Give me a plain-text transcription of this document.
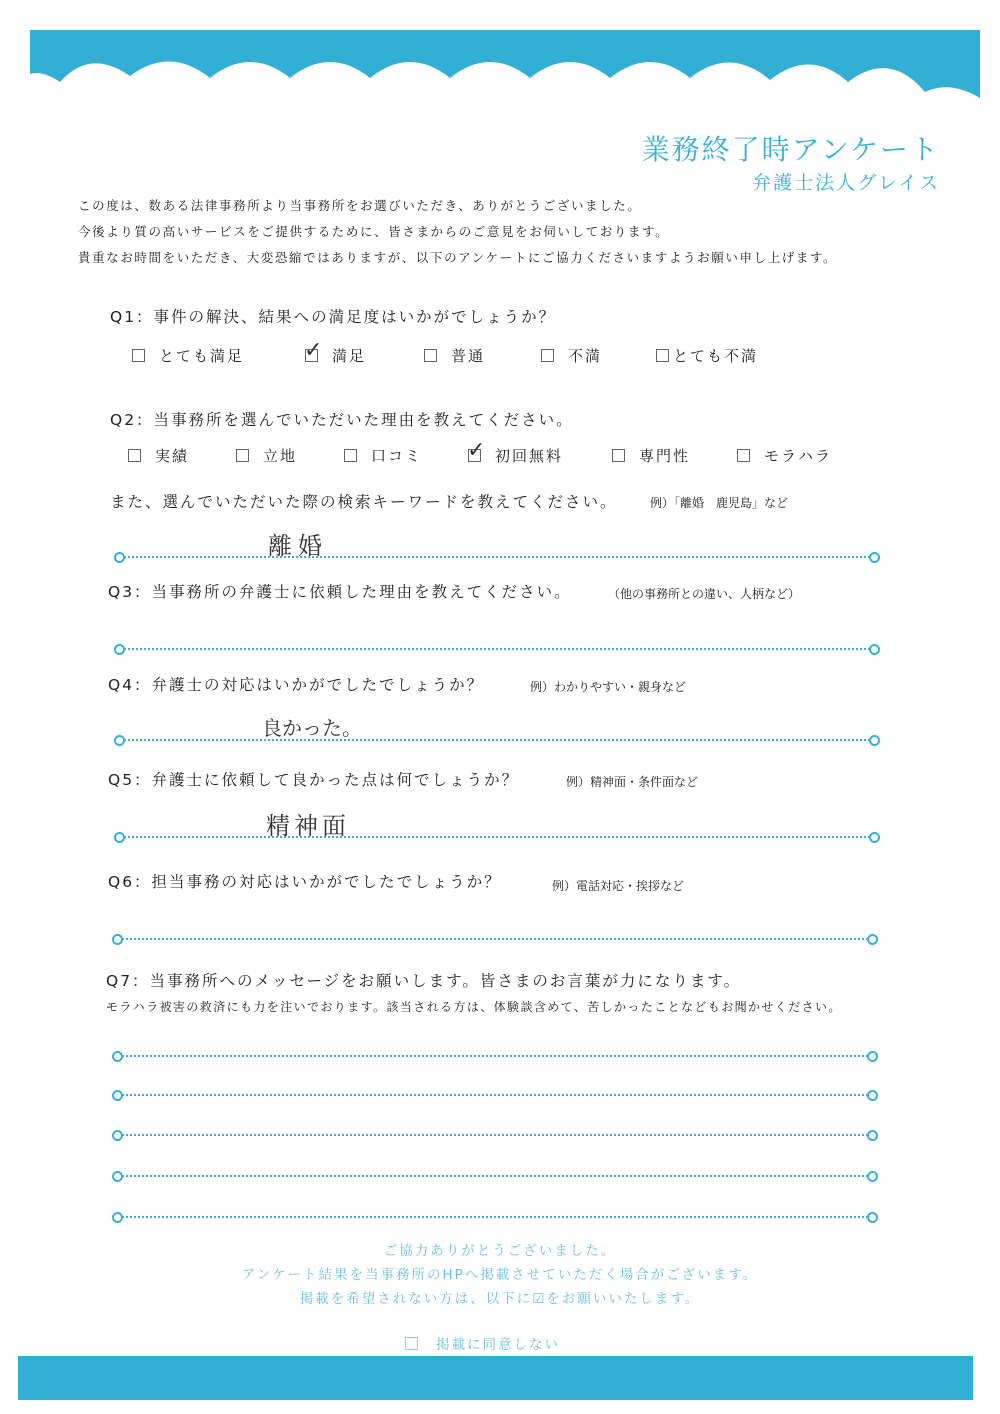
業務終了時アンケート
弁護士法人グレイス
この度は、数ある法律事務所より当事務所をお選びいただき、ありがとうございました。
今後より質の高いサービスをご提供するために、皆さまからのご意見をお伺いしております。
貴重なお時間をいただき、大変恐縮ではありますが、以下のアンケートにご協力くださいますようお願い申し上げます。
Q1：事件の解決、結果への満足度はいかがでしょうか？
とても満足	✓ 満足	普通	不満	とても不満
Q2：当事務所を選んでいただいた理由を教えてください。
実績	立地	口コミ ✓ 初回無料	専門性	モラハラ
また、選んでいただいた際の検索キーワードを教えてください。	例）「離婚　鹿児島」など
離婚
Q3：当事務所の弁護士に依頼した理由を教えてください。	（他の事務所との違い、人柄など）
Q4：弁護士の対応はいかがでしたでしょうか？	例）わかりやすい・親身など
良かった。
Q5：弁護士に依頼して良かった点は何でしょうか？	例）精神面・条件面など
精神面
Q6：担当事務の対応はいかがでしたでしょうか？	例）電話対応・挨拶など
Q7：当事務所へのメッセージをお願いします。皆さまのお言葉が力になります。
モラハラ被害の救済にも力を注いでおります。該当される方は、体験談含めて、苦しかったことなどもお聞かせください。
ご協力ありがとうございました。
アンケート結果を当事務所のHPへ掲載させていただく場合がございます。
掲載を希望されない方は、以下に☑をお願いいたします。
掲載に同意しない
